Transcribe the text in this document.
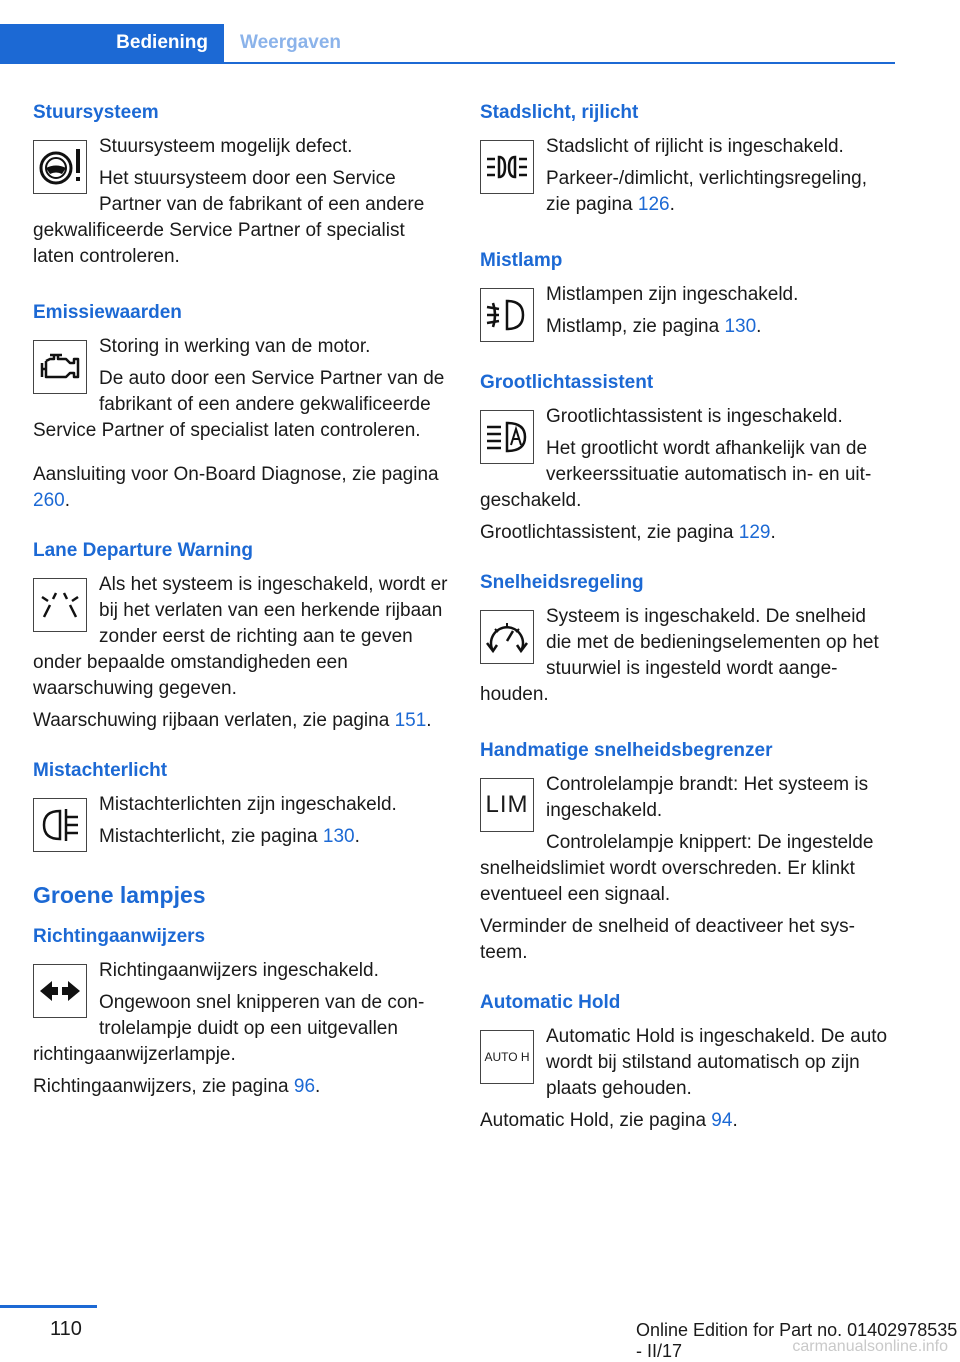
Bediening	Weergaven
Stuursysteem

Stuursysteem mogelijk defect.

Het stuursysteem door een Service Partner van de fabrikant of een andere gekwalificeerde Service Partner of specialist laten controleren.

Emissiewaarden

Storing in werking van de motor.

De auto door een Service Partner van de fabrikant of een andere gekwalificeerde Service Partner of specialist laten controleren.

Aansluiting voor On-Board Diagnose, zie pagina 260.

Lane Departure Warning

Als het systeem is ingeschakeld, wordt er bij het verlaten van een herkende rijbaan zonder eerst de richting aan te geven onder bepaalde omstandigheden een waarschuwing gegeven.

Waarschuwing rijbaan verlaten, zie pagina 151.

Mistachterlicht

Mistachterlichten zijn ingeschakeld.

Mistachterlicht, zie pagina 130.

Groene lampjes
Richtingaanwijzers

Richtingaanwijzers ingeschakeld.

Ongewoon snel knipperen van de controlelampje duidt op een uitgevallen richtingaanwijzerlampje.

Richtingaanwijzers, zie pagina 96.

Stadslicht, rijlicht

Stadslicht of rijlicht is ingeschakeld.

Parkeer-/dimlicht, verlichtingsregeling, zie pagina 126.

Mistlamp

Mistlampen zijn ingeschakeld.

Mistlamp, zie pagina 130.

Grootlichtassistent

Grootlichtassistent is ingeschakeld.

Het grootlicht wordt afhankelijk van de verkeerssituatie automatisch in- en uitgeschakeld.

Grootlichtassistent, zie pagina 129.

Snelheidsregeling

Systeem is ingeschakeld. De snelheid die met de bedieningselementen op het stuurwiel is ingesteld wordt aangehouden.

Handmatige snelheidsbegrenzer
LIM

Controlelampje brandt: Het systeem is ingeschakeld.

Controlelampje knippert: De ingestelde snelheidslimiet wordt overschreden. Er klinkt eventueel een signaal.

Verminder de snelheid of deactiveer het systeem.

Automatic Hold
AUTO H

Automatic Hold is ingeschakeld. De auto wordt bij stilstand automatisch op zijn plaats gehouden.

Automatic Hold, zie pagina 94.

110	Online Edition for Part no. 01402978535 - II/17	carmanualsonline.info
